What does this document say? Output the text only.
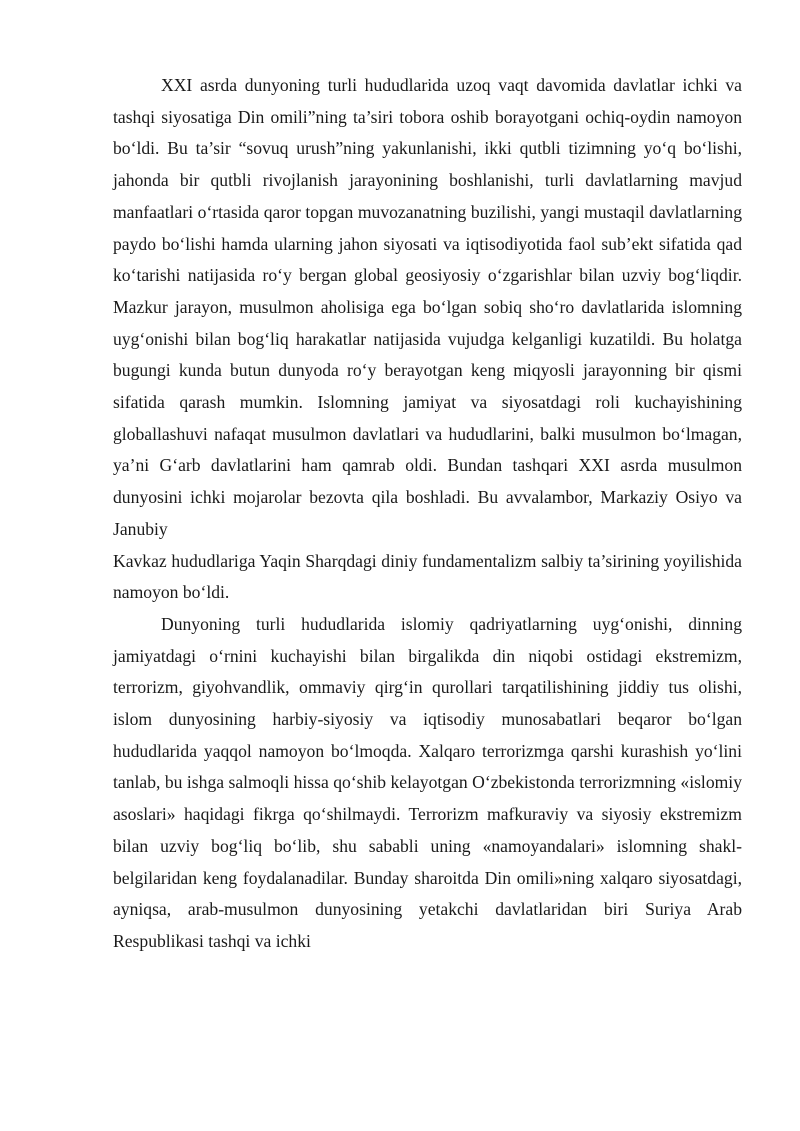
XXI asrda dunyoning turli hududlarida uzoq vaqt davomida davlatlar ichki va tashqi siyosatiga Din omili”ning ta’siri tobora oshib borayotgani ochiq-oydin namoyon bo‘ldi. Bu ta’sir “sovuq urush”ning yakunlanishi, ikki qutbli tizimning yo‘q bo‘lishi, jahonda bir qutbli rivojlanish jarayonining boshlanishi, turli davlatlarning mavjud manfaatlari o‘rtasida qaror topgan muvozanatning buzilishi, yangi mustaqil davlatlarning paydo bo‘lishi hamda ularning jahon siyosati va iqtisodiyotida faol sub’ekt sifatida qad ko‘tarishi natijasida ro‘y bergan global geosiyosiy o‘zgarishlar bilan uzviy bog‘liqdir. Mazkur jarayon, musulmon aholisiga ega bo‘lgan sobiq sho‘ro davlatlarida islomning uyg‘onishi bilan bog‘liq harakatlar natijasida vujudga kelganligi kuzatildi. Bu holatga bugungi kunda butun dunyoda ro‘y berayotgan keng miqyosli jarayonning bir qismi sifatida qarash mumkin. Islomning jamiyat va siyosatdagi roli kuchayishining globallashuvi nafaqat musulmon davlatlari va hududlarini, balki musulmon bo‘lmagan, ya’ni G‘arb davlatlarini ham qamrab oldi. Bundan tashqari XXI asrda musulmon dunyosini ichki mojarolar bezovta qila boshladi. Bu avvalambor, Markaziy Osiyo va Janubiy

Kavkaz hududlariga Yaqin Sharqdagi diniy fundamentalizm salbiy ta’sirining yoyilishida namoyon bo‘ldi.

Dunyoning turli hududlarida islomiy qadriyatlarning uyg‘onishi, dinning jamiyatdagi o‘rnini kuchayishi bilan birgalikda din niqobi ostidagi ekstremizm, terrorizm, giyohvandlik, ommaviy qirg‘in qurollari tarqatilishining jiddiy tus olishi, islom dunyosining harbiy-siyosiy va iqtisodiy munosabatlari beqaror bo‘lgan hududlarida yaqqol namoyon bo‘lmoqda. Xalqaro terrorizmga qarshi kurashish yo‘lini tanlab, bu ishga salmoqli hissa qo‘shib kelayotgan O‘zbekistonda terrorizmning «islomiy asoslari» haqidagi fikrga qo‘shilmaydi. Terrorizm mafkuraviy va siyosiy ekstremizm bilan uzviy bog‘liq bo‘lib, shu sababli uning «namoyandalari» islomning shakl-belgilaridan keng foydalanadilar. Bunday sharoitda Din omili»ning xalqaro siyosatdagi, ayniqsa, arab-musulmon dunyosining yetakchi davlatlaridan biri Suriya Arab Respublikasi tashqi va ichki
